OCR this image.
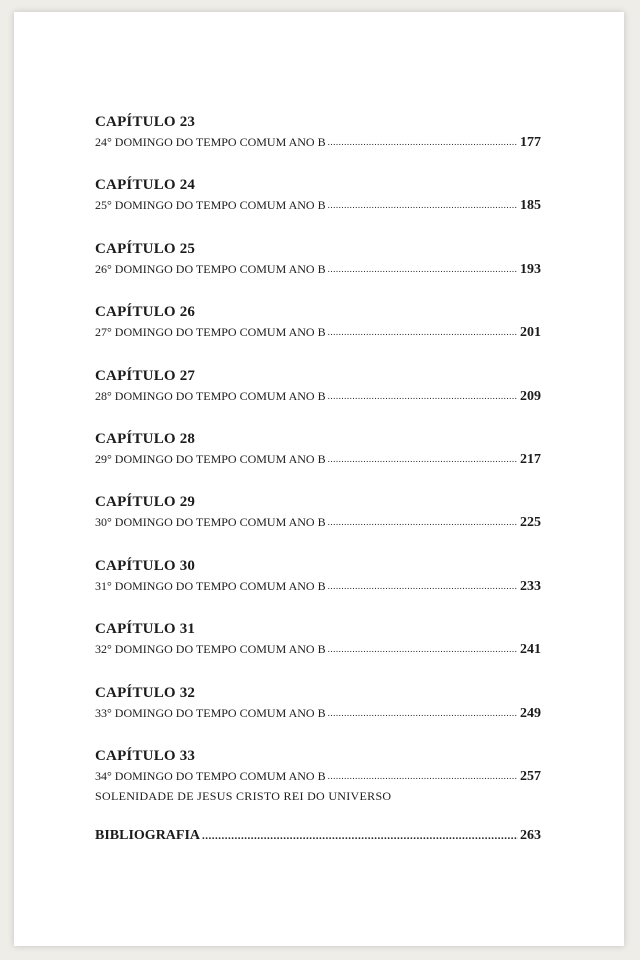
CAPÍTULO 23
24° DOMINGO DO TEMPO COMUM ANO B .....	177
CAPÍTULO 24
25° DOMINGO DO TEMPO COMUM ANO B .....	185
CAPÍTULO 25
26° DOMINGO DO TEMPO COMUM ANO B .....	193
CAPÍTULO 26
27° DOMINGO DO TEMPO COMUM ANO B .....	201
CAPÍTULO 27
28° DOMINGO DO TEMPO COMUM ANO B .....	209
CAPÍTULO 28
29° DOMINGO DO TEMPO COMUM ANO B .....	217
CAPÍTULO 29
30° DOMINGO DO TEMPO COMUM ANO B .....	225
CAPÍTULO 30
31° DOMINGO DO TEMPO COMUM ANO B .....	233
CAPÍTULO 31
32° DOMINGO DO TEMPO COMUM ANO B .....	241
CAPÍTULO 32
33° DOMINGO DO TEMPO COMUM ANO B .....	249
CAPÍTULO 33
34° DOMINGO DO TEMPO COMUM ANO B .....	257
SOLENIDADE DE JESUS CRISTO REI DO UNIVERSO
BIBLIOGRAFIA .....	263
